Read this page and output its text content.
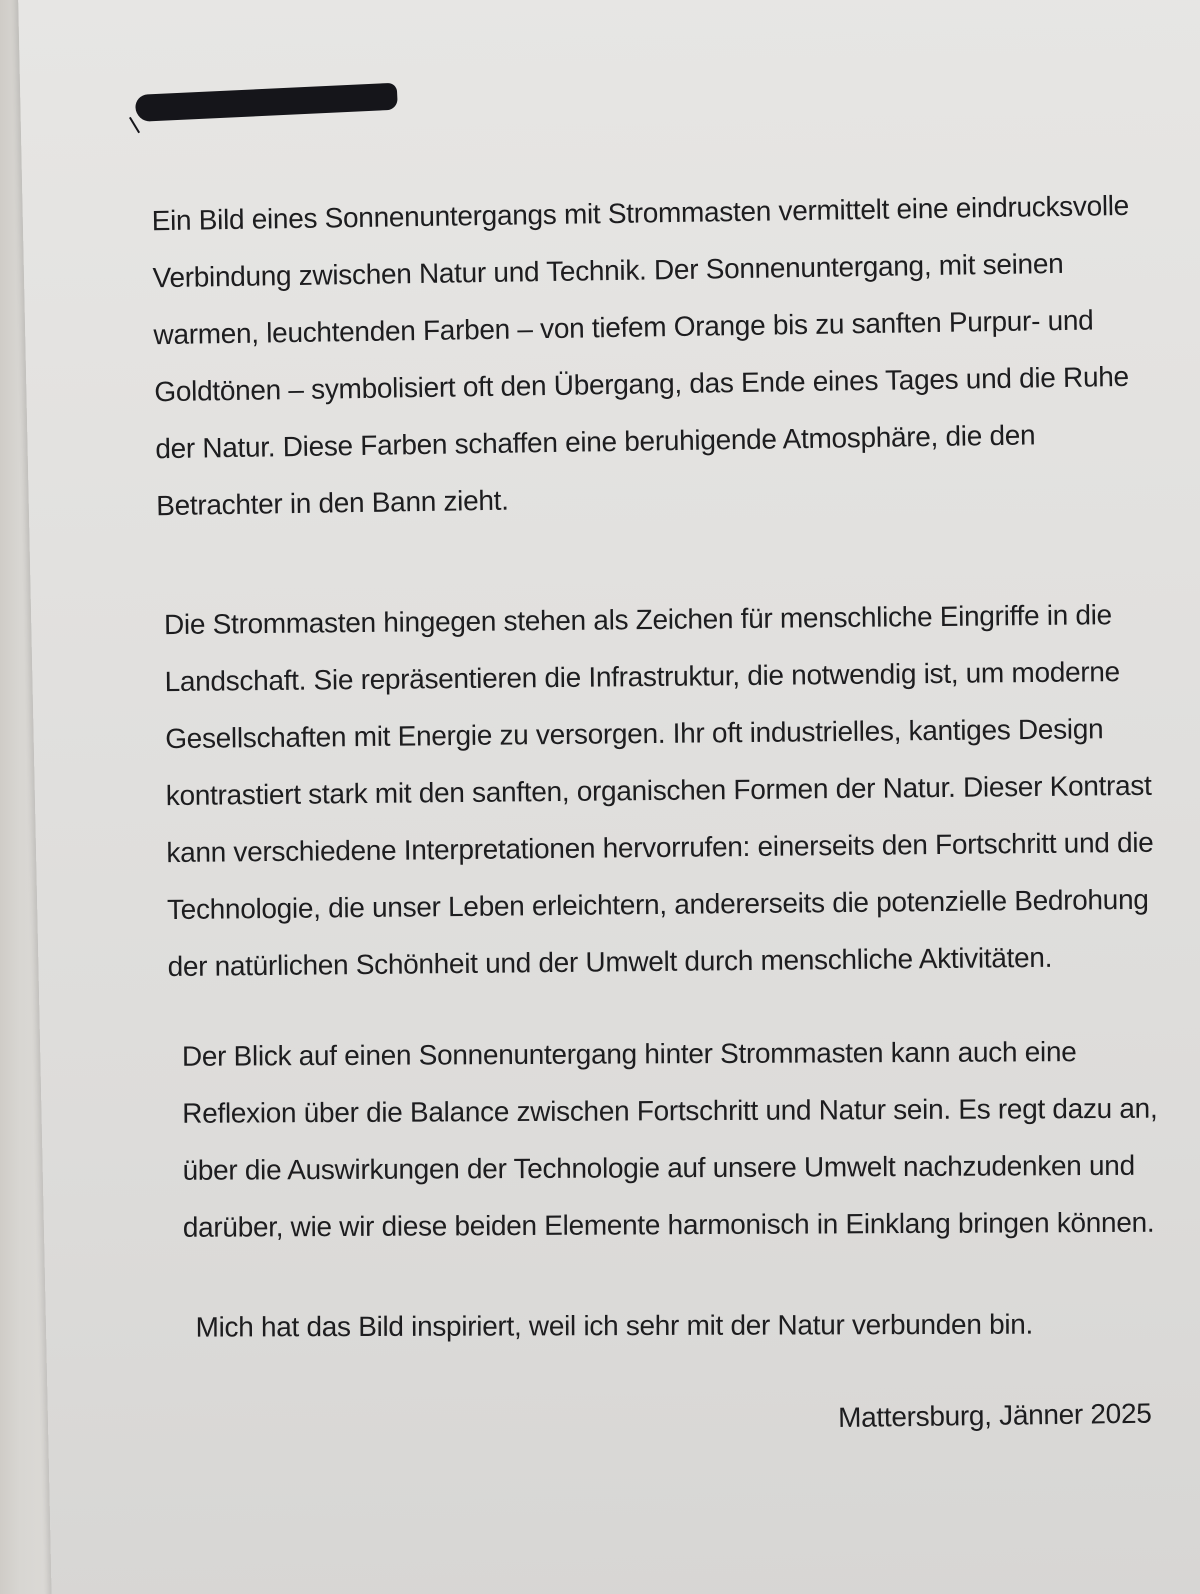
Ein Bild eines Sonnenuntergangs mit Strommasten vermittelt eine eindrucksvolle
Verbindung zwischen Natur und Technik. Der Sonnenuntergang, mit seinen
warmen, leuchtenden Farben – von tiefem Orange bis zu sanften Purpur- und
Goldtönen – symbolisiert oft den Übergang, das Ende eines Tages und die Ruhe
der Natur. Diese Farben schaffen eine beruhigende Atmosphäre, die den
Betrachter in den Bann zieht.
Die Strommasten hingegen stehen als Zeichen für menschliche Eingriffe in die
Landschaft. Sie repräsentieren die Infrastruktur, die notwendig ist, um moderne
Gesellschaften mit Energie zu versorgen. Ihr oft industrielles, kantiges Design
kontrastiert stark mit den sanften, organischen Formen der Natur. Dieser Kontrast
kann verschiedene Interpretationen hervorrufen: einerseits den Fortschritt und die
Technologie, die unser Leben erleichtern, andererseits die potenzielle Bedrohung
der natürlichen Schönheit und der Umwelt durch menschliche Aktivitäten.
Der Blick auf einen Sonnenuntergang hinter Strommasten kann auch eine
Reflexion über die Balance zwischen Fortschritt und Natur sein. Es regt dazu an,
über die Auswirkungen der Technologie auf unsere Umwelt nachzudenken und
darüber, wie wir diese beiden Elemente harmonisch in Einklang bringen können.
Mich hat das Bild inspiriert, weil ich sehr mit der Natur verbunden bin.
Mattersburg, Jänner 2025
